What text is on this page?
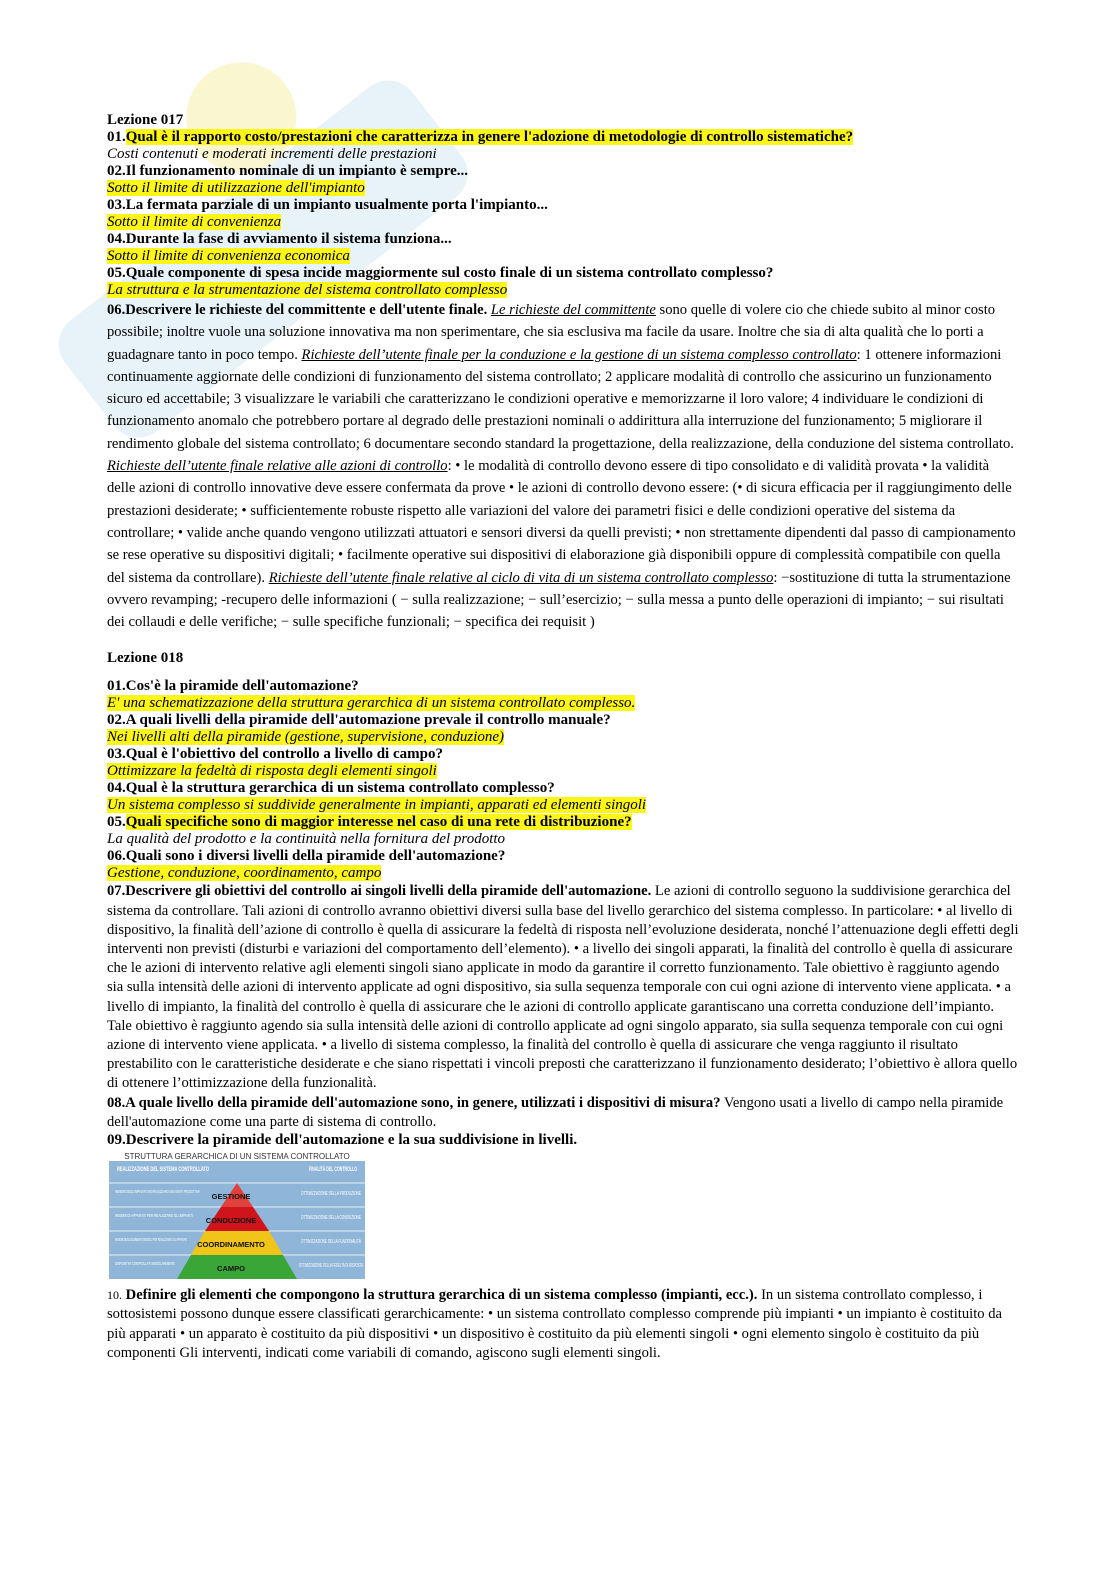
Lezione 017

01.Qual è il rapporto costo/prestazioni che caratterizza in genere l'adozione di metodologie di controllo sistematiche?

Costi contenuti e moderati incrementi delle prestazioni

02.Il funzionamento nominale di un impianto è sempre...

Sotto il limite di utilizzazione dell'impianto

03.La fermata parziale di un impianto usualmente porta l'impianto...

Sotto il limite di convenienza

04.Durante la fase di avviamento il sistema funziona...

Sotto il limite di convenienza economica

05.Quale componente di spesa incide maggiormente sul costo finale di un sistema controllato complesso?

La struttura e la strumentazione del sistema controllato complesso

06.Descrivere le richieste del committente e dell'utente finale. Le richieste del committente sono quelle di volere cio che chiede subito al minor costo possibile; inoltre vuole una soluzione innovativa ma non sperimentare, che sia esclusiva ma facile da usare. Inoltre che sia di alta qualità che lo porti a guadagnare tanto in poco tempo. Richieste dell’utente finale per la conduzione e la gestione di un sistema complesso controllato: 1 ottenere informazioni continuamente aggiornate delle condizioni di funzionamento del sistema controllato; 2 applicare modalità di controllo che assicurino un funzionamento sicuro ed accettabile; 3 visualizzare le variabili che caratterizzano le condizioni operative e memorizzarne il loro valore; 4 individuare le condizioni di funzionamento anomalo che potrebbero portare al degrado delle prestazioni nominali o addirittura alla interruzione del funzionamento; 5 migliorare il rendimento globale del sistema controllato; 6 documentare secondo standard la progettazione, della realizzazione, della conduzione del sistema controllato. Richieste dell’utente finale relative alle azioni di controllo: • le modalità di controllo devono essere di tipo consolidato e di validità provata • la validità delle azioni di controllo innovative deve essere confermata da prove • le azioni di controllo devono essere: (• di sicura efficacia per il raggiungimento delle prestazioni desiderate; • sufficientemente robuste rispetto alle variazioni del valore dei parametri fisici e delle condizioni operative del sistema da controllare; • valide anche quando vengono utilizzati attuatori e sensori diversi da quelli previsti; • non strettamente dipendenti dal passo di campionamento se rese operative su dispositivi digitali; • facilmente operative sui dispositivi di elaborazione già disponibili oppure di complessità compatibile con quella del sistema da controllare). Richieste dell’utente finale relative al ciclo di vita di un sistema controllato complesso: −sostituzione di tutta la strumentazione ovvero revamping; -recupero delle informazioni ( − sulla realizzazione; − sull’esercizio; − sulla messa a punto delle operazioni di impianto; − sui risultati dei collaudi e delle verifiche; − sulle specifiche funzionali; − specifica dei requisit )

Lezione 018

01.Cos'è la piramide dell'automazione?

E' una schematizzazione della struttura gerarchica di un sistema controllato complesso.

02.A quali livelli della piramide dell'automazione prevale il controllo manuale?

Nei livelli alti della piramide (gestione, supervisione, conduzione)

03.Qual è l'obiettivo del controllo a livello di campo?

Ottimizzare la fedeltà di risposta degli elementi singoli

04.Qual è la struttura gerarchica di un sistema controllato complesso?

Un sistema complesso si suddivide generalmente in impianti, apparati ed elementi singoli

05.Quali specifiche sono di maggior interesse nel caso di una rete di distribuzione?

La qualità del prodotto e la continuità nella fornitura del prodotto

06.Quali sono i diversi livelli della piramide dell'automazione?

Gestione, conduzione, coordinamento, campo

07.Descrivere gli obiettivi del controllo ai singoli livelli della piramide dell'automazione. Le azioni di controllo seguono la suddivisione gerarchica del sistema da controllare. Tali azioni di controllo avranno obiettivi diversi sulla base del livello gerarchico del sistema complesso. In particolare: • al livello di dispositivo, la finalità dell’azione di controllo è quella di assicurare la fedeltà di risposta nell’evoluzione desiderata, nonché l’attenuazione degli effetti degli interventi non previsti (disturbi e variazioni del comportamento dell’elemento). • a livello dei singoli apparati, la finalità del controllo è quella di assicurare che le azioni di intervento relative agli elementi singoli siano applicate in modo da garantire il corretto funzionamento. Tale obiettivo è raggiunto agendo sia sulla intensità delle azioni di intervento applicate ad ogni dispositivo, sia sulla sequenza temporale con cui ogni azione di intervento viene applicata. • a livello di impianto, la finalità del controllo è quella di assicurare che le azioni di controllo applicate garantiscano una corretta conduzione dell’impianto. Tale obiettivo è raggiunto agendo sia sulla intensità delle azioni di controllo applicate ad ogni singolo apparato, sia sulla sequenza temporale con cui ogni azione di intervento viene applicata. • a livello di sistema complesso, la finalità del controllo è quella di assicurare che venga raggiunto il risultato prestabilito con le caratteristiche desiderate e che siano rispettati i vincoli preposti che caratterizzano il funzionamento desiderato; l’obiettivo è allora quello di ottenere l’ottimizzazione della funzionalità.

08.A quale livello della piramide dell'automazione sono, in genere, utilizzati i dispositivi di misura? Vengono usati a livello di campo nella piramide dell'automazione come una parte di sistema di controllo.

09.Descrivere la piramide dell'automazione e la sua suddivisione in livelli.

STRUTTURA GERARCHICA DI UN SISTEMA CONTROLLATO
REALIZZAZIONE DEL SISTEMA CONTROLLATO	FINALITÀ DEL CONTROLLO
GESTIONE
CONDUZIONE
COORDINAMENTO
CAMPO
INSIEME DEGLI IMPIANTI CHE REALIZZANO UNA UNITÀ PRODUTTIVA
INSIEMI DI APPARATI PER REALIZZARE GLI IMPIANTI
INSIEMI DEGLI ELEMENTI SINGOLI PER REALIZZARE GLI APPARATI
DISPOSITIVI CONTROLLATI SINGOLARMENTE
OTTIMIZZAZIONE DELLA PRODUZIONE
OTTIMIZZAZIONE DELLA CONDUZIONE
OTTIMIZZAZIONE DELLA FUNZIONALITÀ
OTTIMIZZAZIONE DELLA FEDELTÀ DI RISPOSTA

10. Definire gli elementi che compongono la struttura gerarchica di un sistema complesso (impianti, ecc.). In un sistema controllato complesso, i sottosistemi possono dunque essere classificati gerarchicamente: • un sistema controllato complesso comprende più impianti • un impianto è costituito da più apparati • un apparato è costituito da più dispositivi • un dispositivo è costituito da più elementi singoli • ogni elemento singolo è costituito da più componenti Gli interventi, indicati come variabili di comando, agiscono sugli elementi singoli.
